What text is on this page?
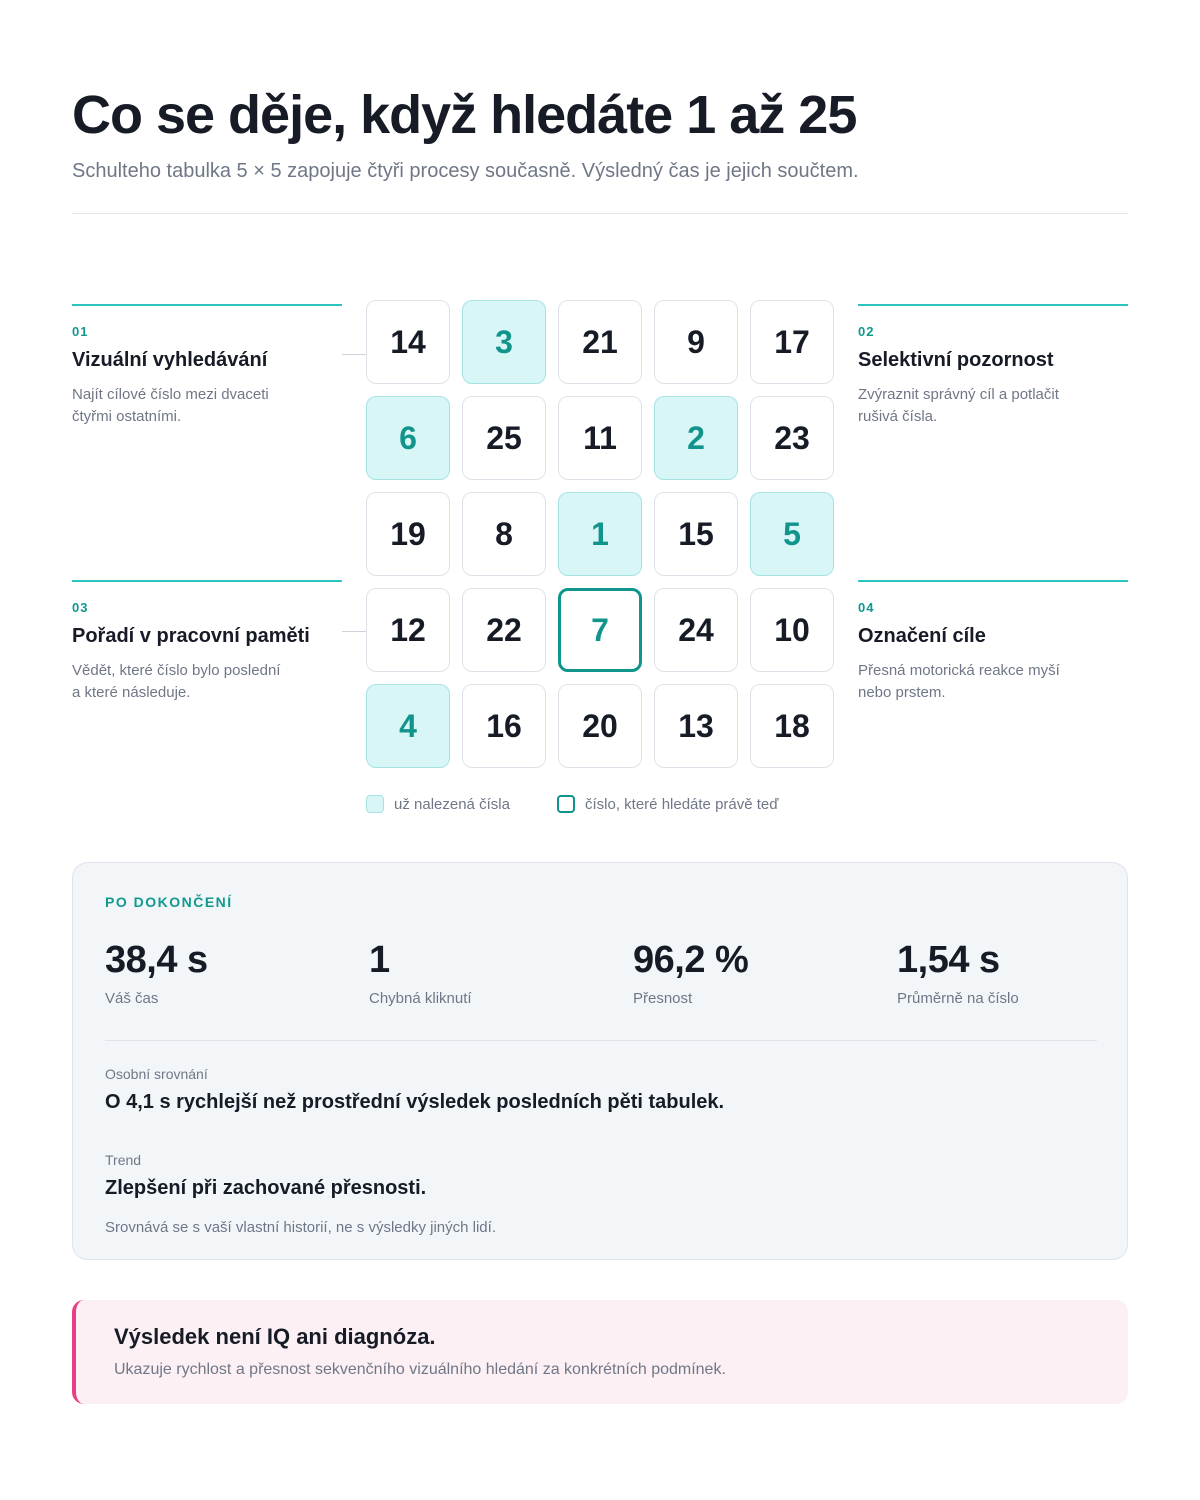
Co se děje, když hledáte 1 až 25

Schulteho tabulka 5 × 5 zapojuje čtyři procesy současně. Výsledný čas je jejich součtem.

01
Vizuální vyhledávání
Najít cílové číslo mezi dvaceti čtyřmi ostatními.
02
Selektivní pozornost
Zvýraznit správný cíl a potlačit rušivá čísla.
03
Pořadí v pracovní paměti
Vědět, které číslo bylo poslední a které následuje.
04
Označení cíle
Přesná motorická reakce myší nebo prstem.
14	3	21	9	17
6	25	11	2	23
19	8	1	15	5
12	22	7	24	10
4	16	20	13	18
už nalezená čísla	číslo, které hledáte právě teď
PO DOKONČENÍ
38,4 s
Váš čas
1
Chybná kliknutí
96,2 %
Přesnost
1,54 s
Průměrně na číslo
Osobní srovnání
O 4,1 s rychlejší než prostřední výsledek posledních pěti tabulek.
Trend
Zlepšení při zachované přesnosti.
Srovnává se s vaší vlastní historií, ne s výsledky jiných lidí.
Výsledek není IQ ani diagnóza.
Ukazuje rychlost a přesnost sekvenčního vizuálního hledání za konkrétních podmínek.
